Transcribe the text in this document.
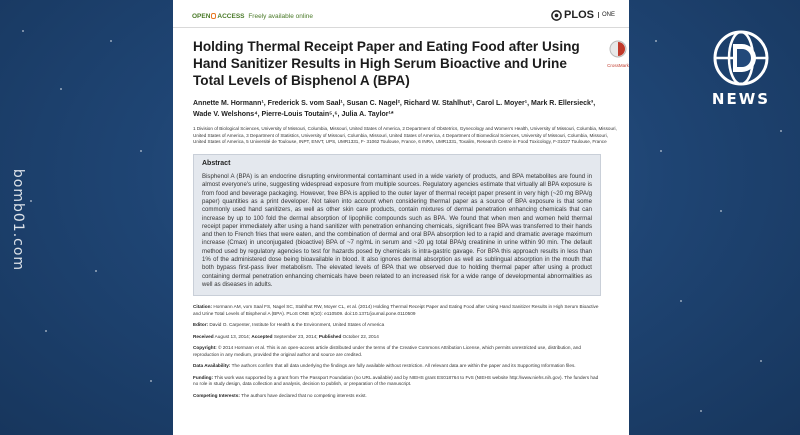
bomb01.com
NEWS
OPEN ACCESS Freely available online	PLOS	ONE
CrossMark
Holding Thermal Receipt Paper and Eating Food after Using Hand Sanitizer Results in High Serum Bioactive and Urine Total Levels of Bisphenol A (BPA)
Annette M. Hormann¹, Frederick S. vom Saal¹, Susan C. Nagel², Richard W. Stahlhut¹, Carol L. Moyer¹, Mark R. Ellersieck³, Wade V. Welshons⁴, Pierre-Louis Toutain⁵,⁶, Julia A. Taylor¹*
1 Division of Biological Sciences, University of Missouri, Columbia, Missouri, United States of America, 2 Department of Obstetrics, Gynecology and Women's Health, University of Missouri, Columbia, Missouri, United States of America, 3 Department of Statistics, University of Missouri, Columbia, Missouri, United States of America, 4 Department of Biomedical Sciences, University of Missouri, Columbia, Missouri, United States of America, 5 Université de Toulouse, INPT, ENVT, UPS, UMR1331, F- 31062 Toulouse, France, 6 INRA, UMR1331, Toxalim, Research Centre in Food Toxicology, F-31027 Toulouse, France
Abstract

Bisphenol A (BPA) is an endocrine disrupting environmental contaminant used in a wide variety of products, and BPA metabolites are found in almost everyone's urine, suggesting widespread exposure from multiple sources. Regulatory agencies estimate that virtually all BPA exposure is from food and beverage packaging. However, free BPA is applied to the outer layer of thermal receipt paper present in very high (~20 mg BPA/g paper) quantities as a print developer. Not taken into account when considering thermal paper as a source of BPA exposure is that some commonly used hand sanitizers, as well as other skin care products, contain mixtures of dermal penetration enhancing chemicals that can increase by up to 100 fold the dermal absorption of lipophilic compounds such as BPA. We found that when men and women held thermal receipt paper immediately after using a hand sanitizer with penetration enhancing chemicals, significant free BPA was transferred to their hands and then to French fries that were eaten, and the combination of dermal and oral BPA absorption led to a rapid and dramatic average maximum increase (Cmax) in unconjugated (bioactive) BPA of ~7 ng/mL in serum and ~20 μg total BPA/g creatinine in urine within 90 min. The default method used by regulatory agencies to test for hazards posed by chemicals is intra-gastric gavage. For BPA this approach results in less than 1% of the administered dose being bioavailable in blood. It also ignores dermal absorption as well as sublingual absorption in the mouth that both bypass first-pass liver metabolism. The elevated levels of BPA that we observed due to holding thermal paper after using a product containing dermal penetration enhancing chemicals have been related to an increased risk for a wide range of developmental abnormalities as well as diseases in adults.

Citation: Hormann AM, vom Saal FS, Nagel SC, Stahlhut RW, Moyer CL, et al. (2014) Holding Thermal Receipt Paper and Eating Food after Using Hand Sanitizer Results in High Serum Bioactive and Urine Total Levels of Bisphenol A (BPA). PLoS ONE 9(10): e110509. doi:10.1371/journal.pone.0110509

Editor: David O. Carpenter, Institute for Health & the Environment, United States of America

Received August 13, 2014; Accepted September 23, 2014; Published October 22, 2014

Copyright: © 2014 Hormann et al. This is an open-access article distributed under the terms of the Creative Commons Attribution License, which permits unrestricted use, distribution, and reproduction in any medium, provided the original author and source are credited.

Data Availability: The authors confirm that all data underlying the findings are fully available without restriction. All relevant data are within the paper and its Supporting Information files.

Funding: This work was supported by a grant from The Passport Foundation (no URL available) and by NIEHS grant ES018764 to FvS (NIEHS website http://www.niehs.nih.gov). The funders had no role in study design, data collection and analysis, decision to publish, or preparation of the manuscript.

Competing Interests: The authors have declared that no competing interests exist.
